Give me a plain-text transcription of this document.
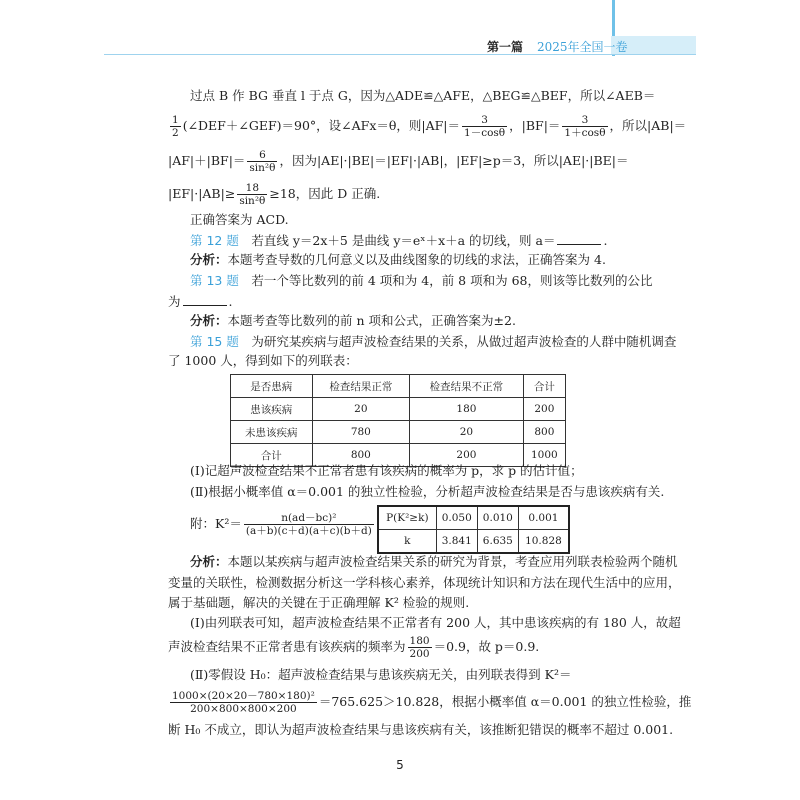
第一篇 2025年全国一卷
过点 B 作 BG 垂直 l 于点 G，因为△ADE≌△AFE，△BEG≌△BEF，所以∠AEB＝
$\frac{1}{2}$ (∠DEF＋∠GEF)＝90°，设∠AFx＝θ，则$|AF|= \frac{3}{1-\cos\theta}$ ，$|BF|= \frac{3}{1+\cos\theta}$ ，所以|AB|＝
$|AF|+|BF|= \frac{6}{\text{sin²θ}}$ ，因为|AE|·|BE|＝|EF|·|AB|，|EF|≥p＝3，所以|AE|·|BE|＝
$|EF|\cdot|AB|\ge \frac{18}{\text{sin²θ}} \ge 18$，因此 D 正确.
正确答案为 ACD.
第 12 题　 若直线 y＝2x＋5 是曲线 y＝eˣ＋x＋a 的切线，则 a＝	.
分析：本题考查导数的几何意义以及曲线图象的切线的求法，正确答案为 4.
第 13 题　 若一个等比数列的前 4 项和为 4，前 8 项和为 68，则该等比数列的公比
为	.
分析：本题考查等比数列的前 n 项和公式，正确答案为±2.
第 15 题　 为研究某疾病与超声波检查结果的关系，从做过超声波检查的人群中随机调查
了 1000 人，得到如下的列联表：
是否患病	检查结果正常	检查结果不正常	合计
患该疾病	20	180	200
未患该疾病	780	20	800
合计	800	200	1000
(Ⅰ)记超声波检查结果不正常者患有该疾病的概率为 p，求 p 的估计值；
(Ⅱ)根据小概率值 α＝0.001 的独立性检验，分析超声波检查结果是否与患该疾病有关.
附：$K^2= \frac{\text{n(ad－bc)²}}{(a+b)(c+d)(a+c)(b+d)} P(K^2\ge k)$	0.050	0.010	0.001
k	3.841	6.635	10.828
分析：本题以某疾病与超声波检查结果关系的研究为背景，考查应用列联表检验两个随机
变量的关联性，检测数据分析这一学科核心素养，体现统计知识和方法在现代生活中的应用，
属于基础题，解决的关键在于正确理解 K² 检验的规则.
(Ⅰ)由列联表可知，超声波检查结果不正常者有 200 人，其中患该疾病的有 180 人，故超
声波检查结果不正常者患有该疾病的频率为 $\frac{180}{200} =0.9$，故 p＝0.9.
(Ⅱ)零假设 H₀：超声波检查结果与患该疾病无关，由列联表得到 K²＝
$\frac{\text{1000×(20×20－780×180)²}}{200\times 800\times 800\times 200} =765.625>10.828$，根据小概率值 α＝0.001 的独立性检验，推
断 H₀ 不成立，即认为超声波检查结果与患该疾病有关，该推断犯错误的概率不超过 0.001.
5
